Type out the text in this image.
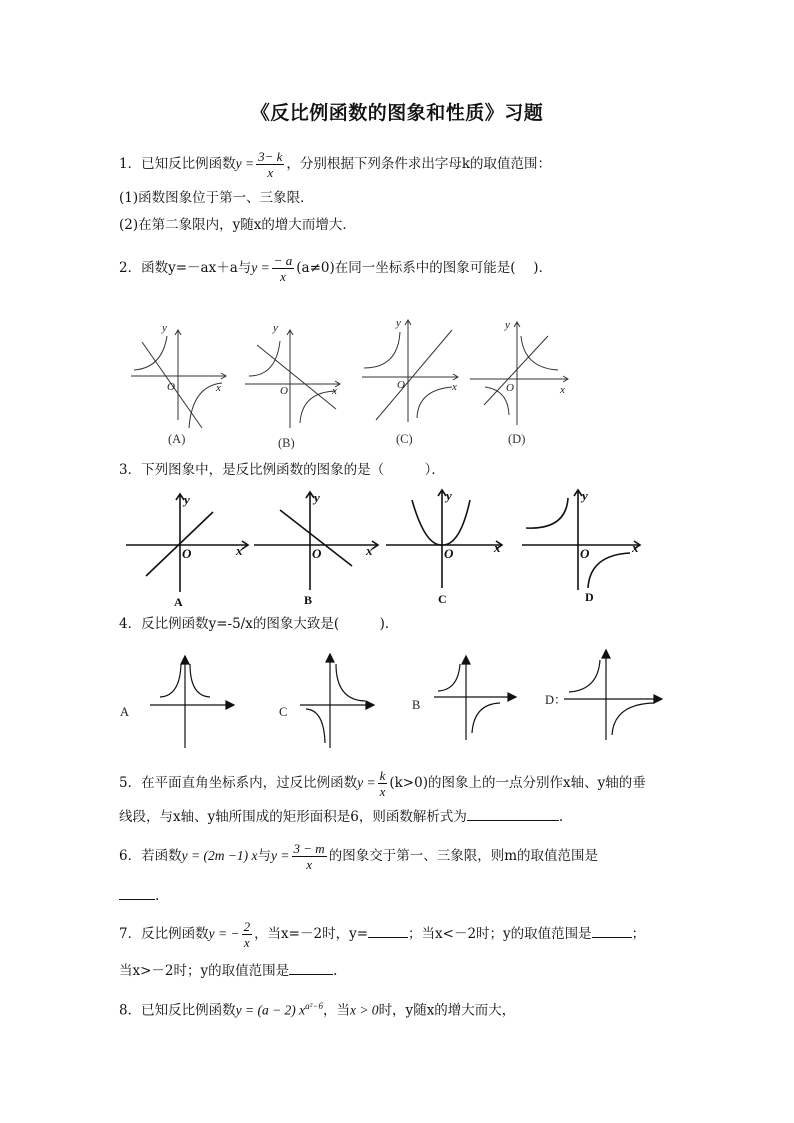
《反比例函数的图象和性质》习题
1．已知反比例函数$y = \frac{3- k}{x}$ ，分别根据下列条件求出字母k的取值范围：
(1)函数图象位于第一、三象限．
(2)在第二象限内，y随x的增大而增大．
2．函数y=－ax＋a与$y = \frac{- a}{x} (a\ne 0)$在同一坐标系中的图象可能是(　 )．
y
x
O
y
x
O
y
x
O
y
x
O
(A)	(B)	(C)	(D)
3．下列图象中，是反比例函数的图象的是（　　　）．
y
x
O
y
x
O
y
x
O
y
x
O
A	B	C	D
4．反比例函数y=-5/x的图象大致是(　　　)．
A	C	B	D：
5．在平面直角坐标系内，过反比例函数$y = \frac{k}{x} (k>0)$的图象上的一点分别作x轴、y轴的垂
线段，与x轴、y轴所围成的矩形面积是6，则函数解析式为	.
6．若函数y = (2m −1) x与$y = \frac{3 - m}{x}$ 的图象交于第一、三象限，则m的取值范围是
.
7．反比例函数y = − $\frac{2}{x}$ ，当x=－2时，y=	；当x<－2时；y的取值范围是	；
当x>－2时；y的取值范围是	.
8．已知反比例函数y = (a − 2) $x^{a^2-6}$，当x > 0时，y随x的增大而大，
